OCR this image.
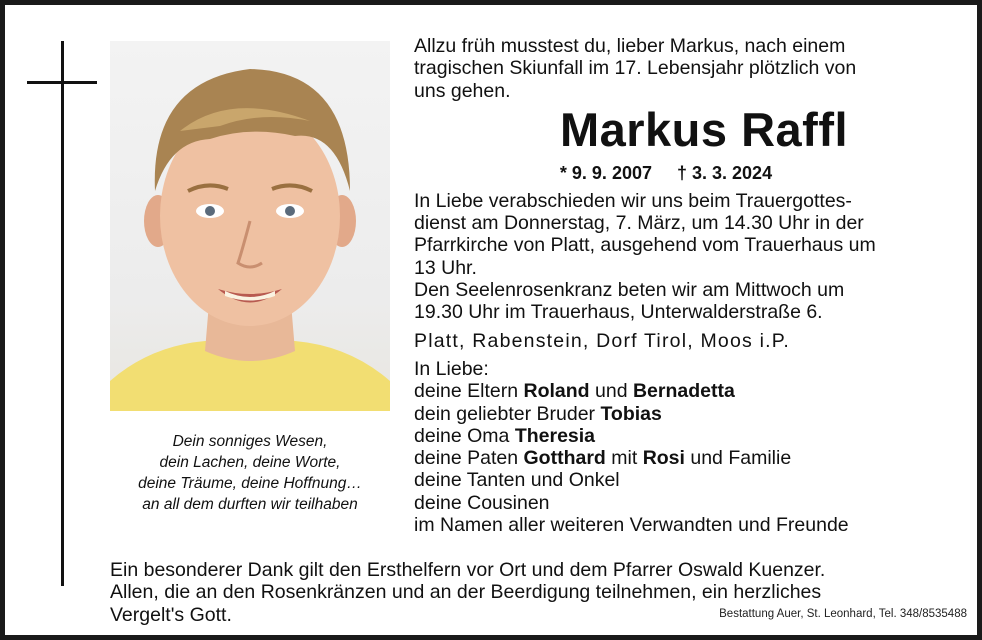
Dein sonniges Wesen,
dein Lachen, deine Worte,
deine Träume, deine Hoffnung…
an all dem durften wir teilhaben
Allzu früh musstest du, lieber Markus, nach einem
tragischen Skiunfall im 17. Lebensjahr plötzlich von
uns gehen.
Markus Raffl
* 9. 9. 2007 † 3. 3. 2024
In Liebe verabschieden wir uns beim Trauergottes-
dienst am Donnerstag, 7. März, um 14.30 Uhr in der
Pfarrkirche von Platt, ausgehend vom Trauerhaus um
13 Uhr.
Den Seelenrosenkranz beten wir am Mittwoch um
19.30 Uhr im Trauerhaus, Unterwalderstraße 6.
Platt, Rabenstein, Dorf Tirol, Moos i.P.
In Liebe:
deine Eltern Roland und Bernadetta
dein geliebter Bruder Tobias
deine Oma Theresia
deine Paten Gotthard mit Rosi und Familie
deine Tanten und Onkel
deine Cousinen
im Namen aller weiteren Verwandten und Freunde
Ein besonderer Dank gilt den Ersthelfern vor Ort und dem Pfarrer Oswald Kuenzer.
Allen, die an den Rosenkränzen und an der Beerdigung teilnehmen, ein herzliches
Vergelt's Gott.	Bestattung Auer, St. Leonhard, Tel. 348/8535488
